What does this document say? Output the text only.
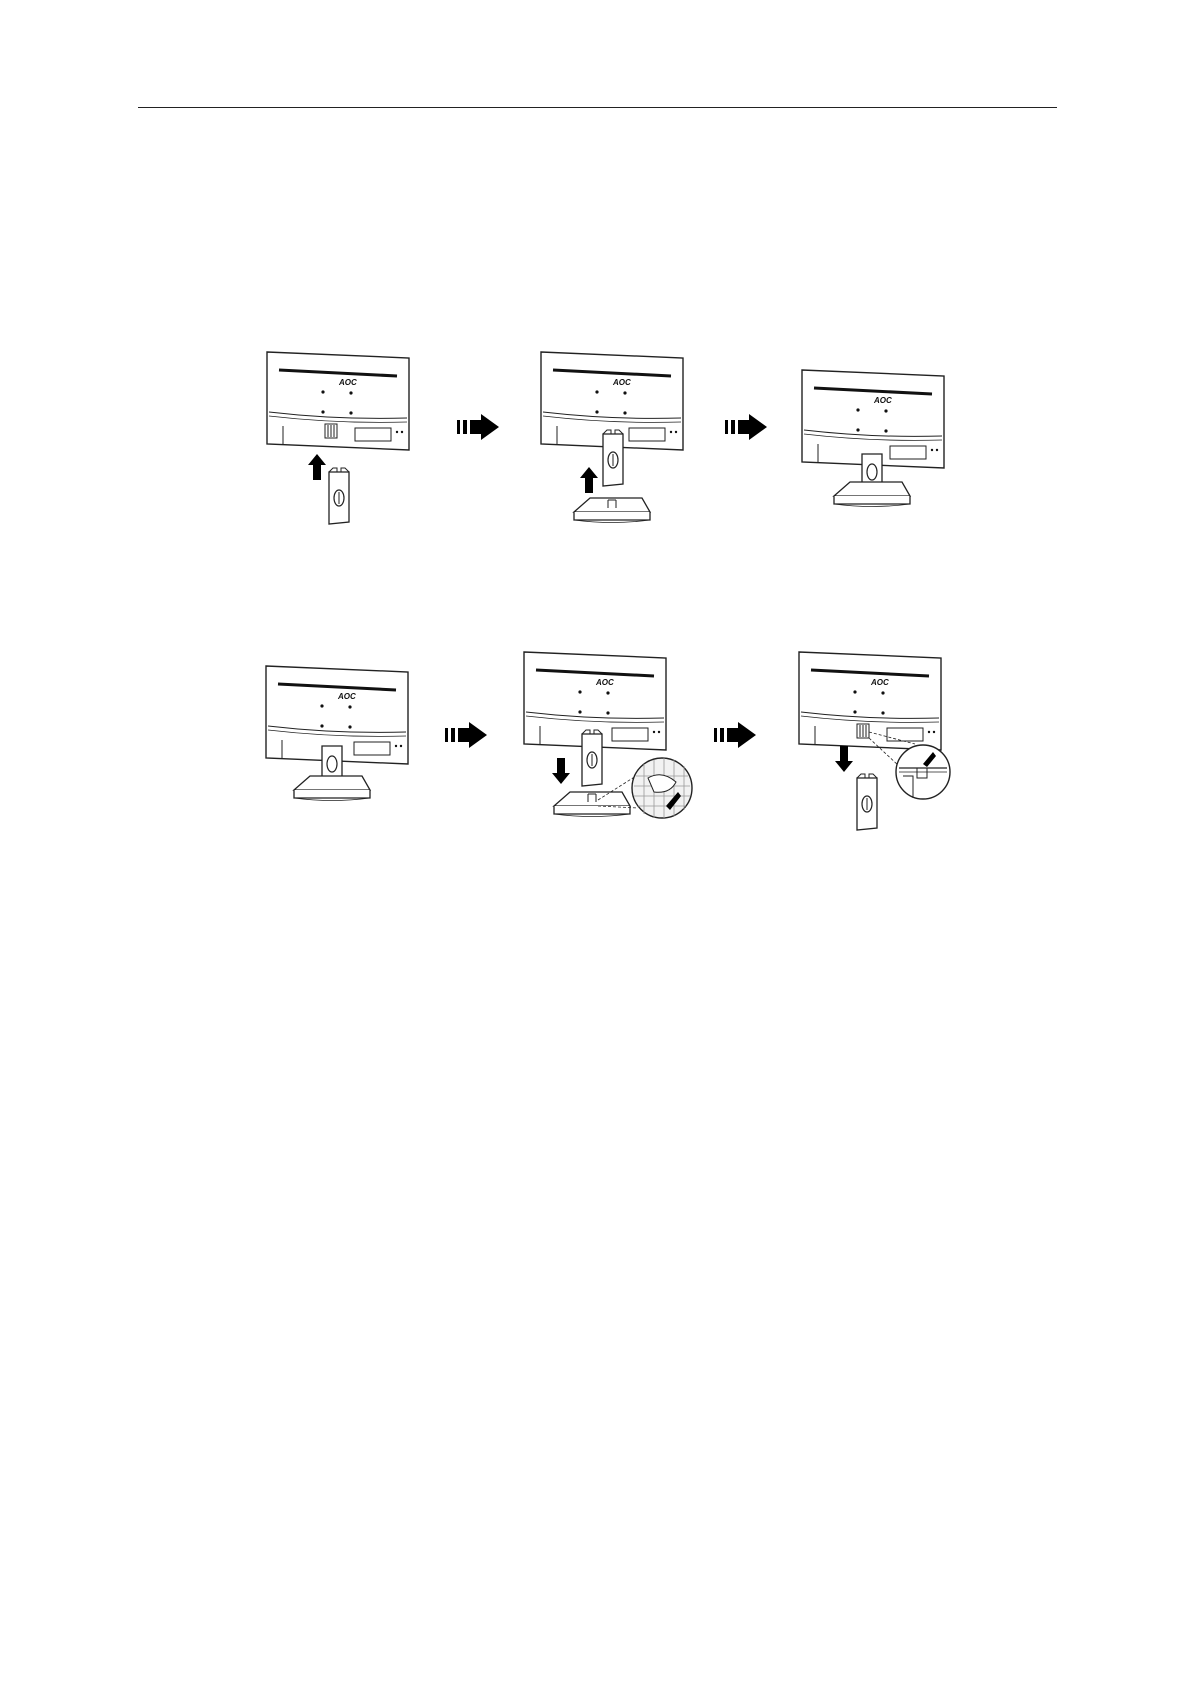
AOC	AOC
AOC
AOC
AOC	AOC
